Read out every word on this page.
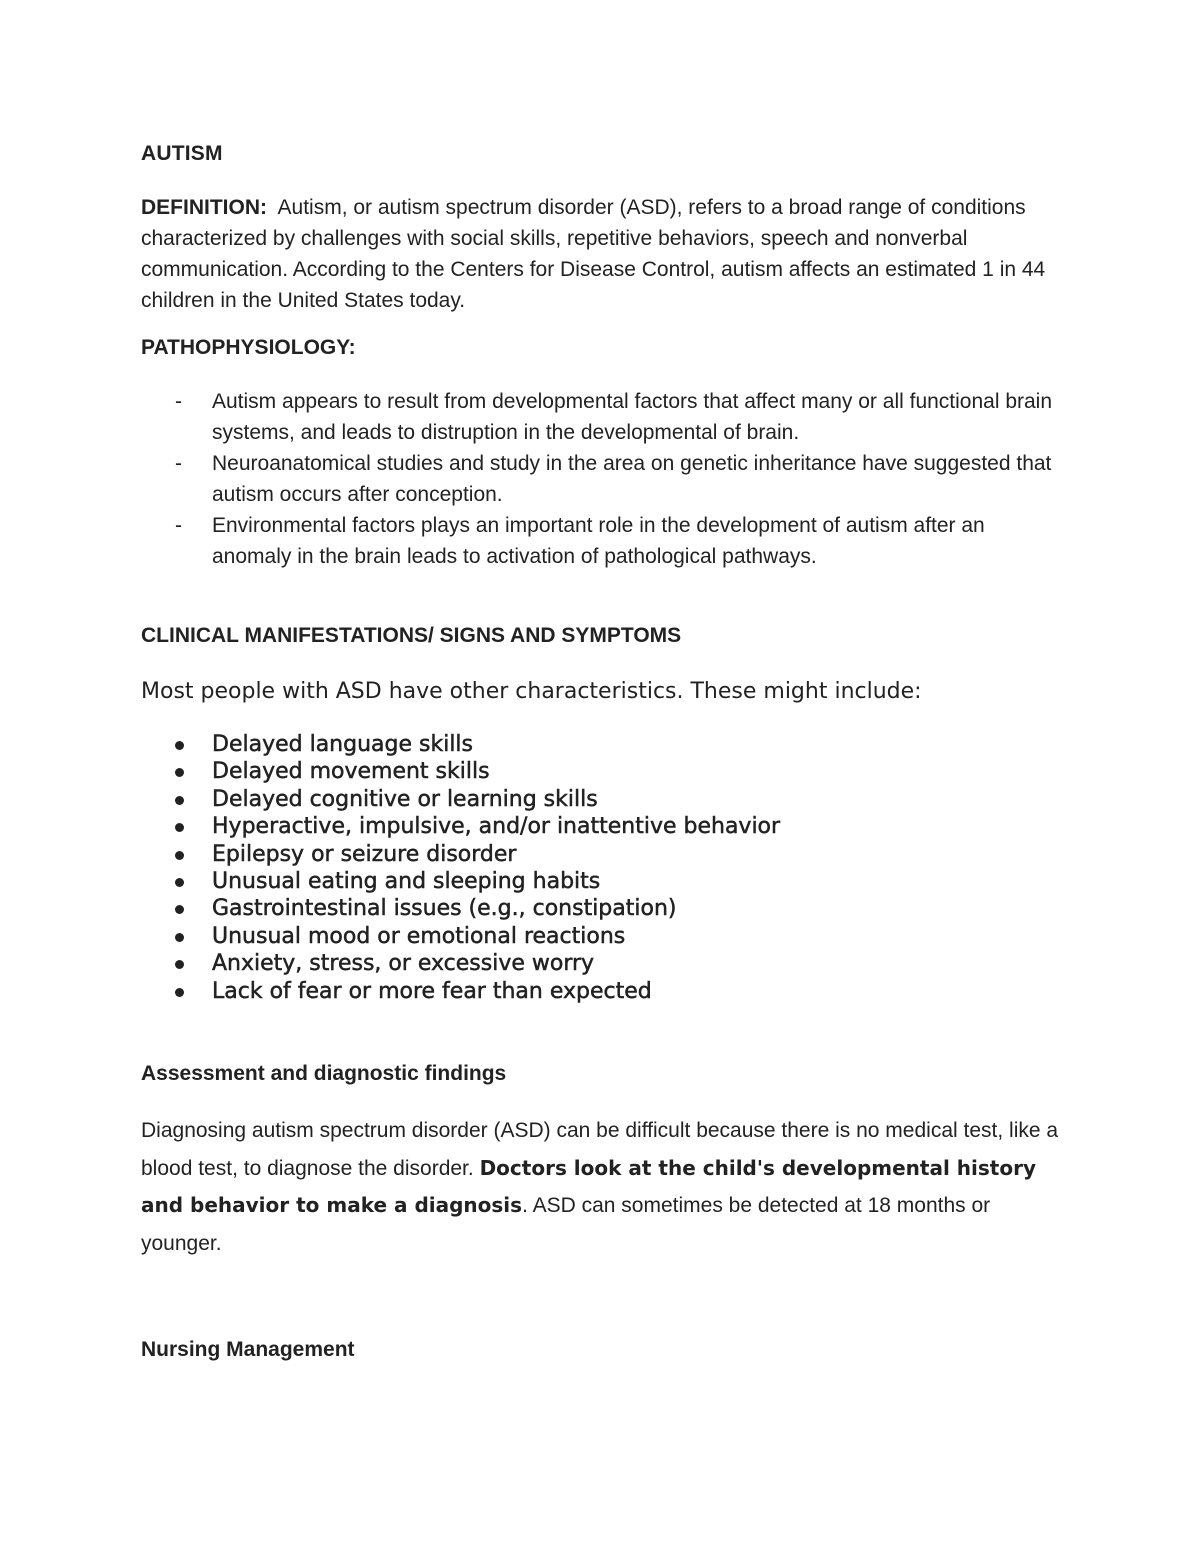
AUTISM
DEFINITION: Autism, or autism spectrum disorder (ASD), refers to a broad range of conditions characterized by challenges with social skills, repetitive behaviors, speech and nonverbal communication. According to the Centers for Disease Control, autism affects an estimated 1 in 44 children in the United States today.
PATHOPHYSIOLOGY:
- Autism appears to result from developmental factors that affect many or all functional brain systems, and leads to distruption in the developmental of brain.
- Neuroanatomical studies and study in the area on genetic inheritance have suggested that autism occurs after conception.
- Environmental factors plays an important role in the development of autism after an anomaly in the brain leads to activation of pathological pathways.
CLINICAL MANIFESTATIONS/ SIGNS AND SYMPTOMS
Most people with ASD have other characteristics. These might include:
Delayed language skills
Delayed movement skills
Delayed cognitive or learning skills
Hyperactive, impulsive, and/or inattentive behavior
Epilepsy or seizure disorder
Unusual eating and sleeping habits
Gastrointestinal issues (e.g., constipation)
Unusual mood or emotional reactions
Anxiety, stress, or excessive worry
Lack of fear or more fear than expected
Assessment and diagnostic findings
Diagnosing autism spectrum disorder (ASD) can be difficult because there is no medical test, like a blood test, to diagnose the disorder. Doctors look at the child's developmental history and behavior to make a diagnosis. ASD can sometimes be detected at 18 months or younger.
Nursing Management
